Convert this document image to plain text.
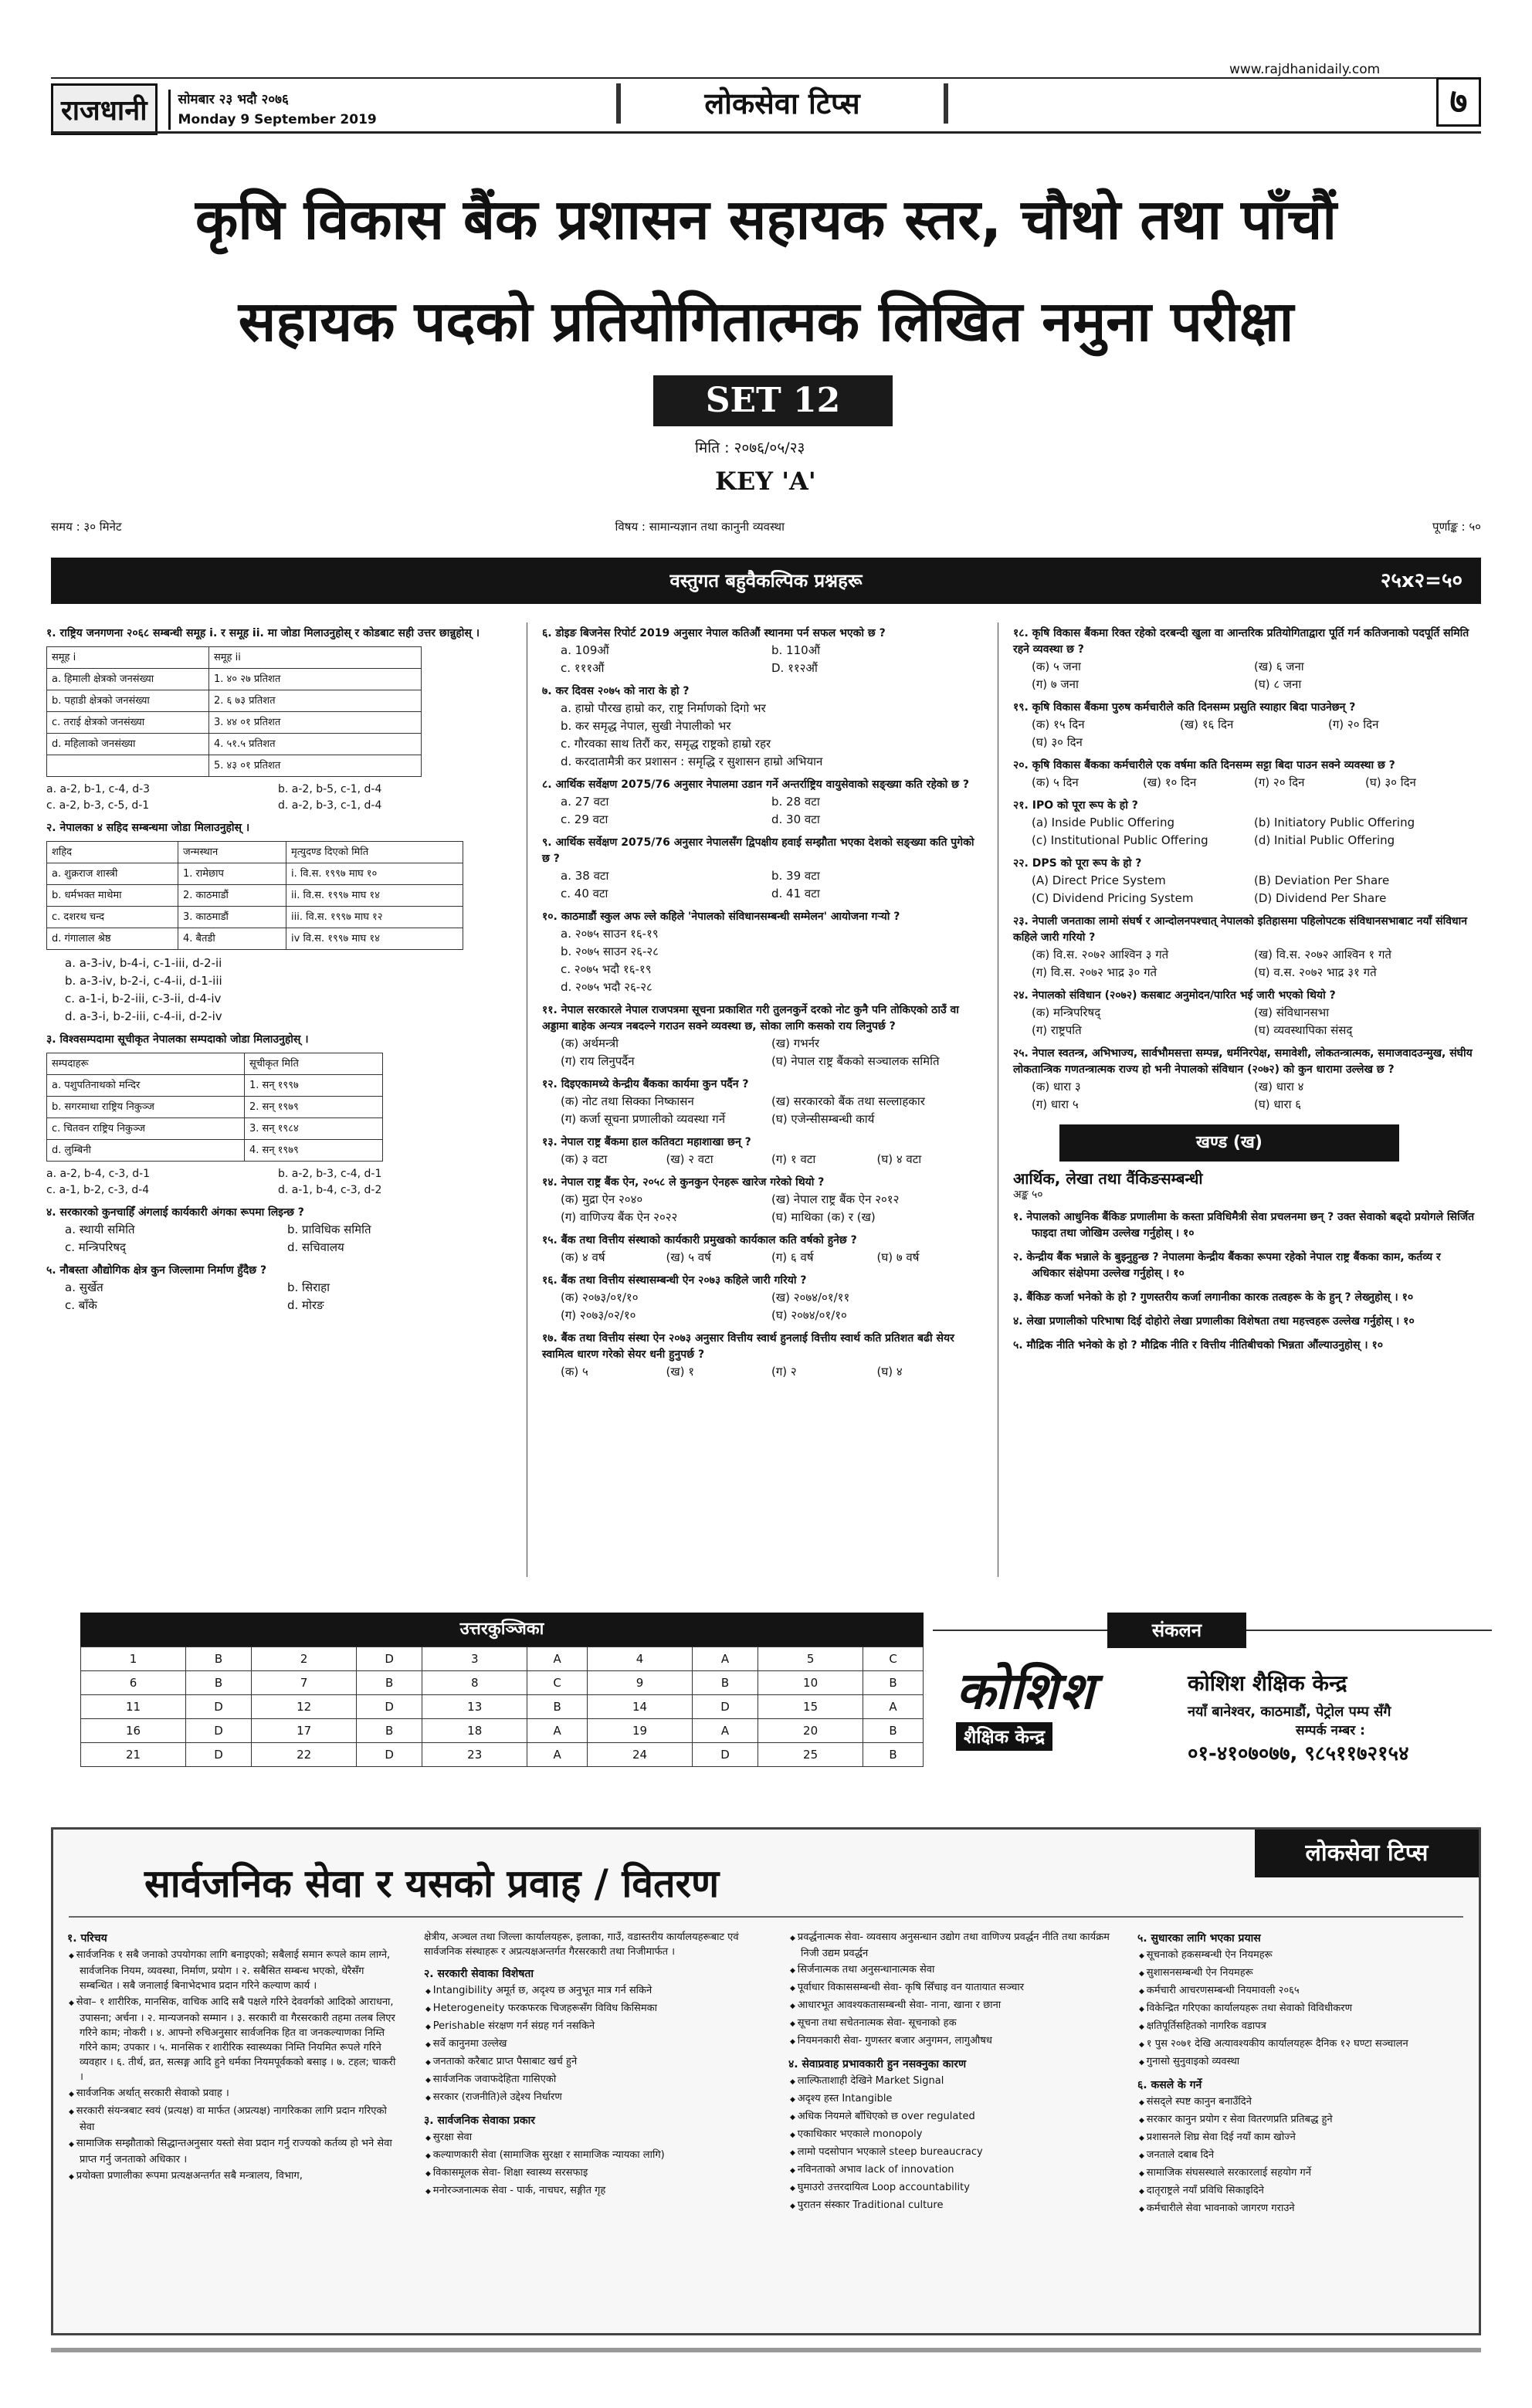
www.rajdhanidaily.com
राजधानी	सोमबार २३ भदौ २०७६
Monday 9 September 2019	लोकसेवा टिप्स	७
कृषि विकास बैंक प्रशासन सहायक स्तर, चौथो तथा पाँचौं
सहायक पदको प्रतियोगितात्मक लिखित नमुना परीक्षा
SET 12
मिति : २०७६/०५/२३
KEY 'A'
समय : ३० मिनेट	विषय : सामान्यज्ञान तथा कानुनी व्यवस्था	पूर्णाङ्क : ५०
वस्तुगत बहुवैकल्पिक प्रश्नहरू	२५x२=५०
१. राष्ट्रिय जनगणना २०६८ सम्बन्धी समूह i. र समूह ii. मा जोडा मिलाउनुहोस् र कोडबाट सही उत्तर छान्नुहोस् ।
समूह i	समूह ii
a. हिमाली क्षेत्रको जनसंख्या	1. ४० २७ प्रतिशत
b. पहाडी क्षेत्रको जनसंख्या	2. ६ ७३ प्रतिशत
c. तराई क्षेत्रको जनसंख्या	3. ४४ ०१ प्रतिशत
d. महिलाको जनसंख्या	4. ५१.५ प्रतिशत
	5. ४३ ०१ प्रतिशत
a. a-2, b-1, c-4, d-3	b. a-2, b-5, c-1, d-4
c. a-2, b-3, c-5, d-1	d. a-2, b-3, c-1, d-4
२. नेपालका ४ सहिद सम्बन्धमा जोडा मिलाउनुहोस् ।
शहिद	जन्मस्थान	मृत्युदण्ड दिएको मिति
a. शुक्रराज शास्त्री	1. रामेछाप	i. वि.स. १९९७ माघ १०
b. धर्मभक्त माथेमा	2. काठमाडौं	ii. वि.स. १९९७ माघ १४
c. दशरथ चन्द	3. काठमाडौं	iii. वि.स. १९९७ माघ १२
d. गंगालाल श्रेष्ठ	4. बैतडी	iv वि.स. १९९७ माघ १४
a. a-3-iv, b-4-i, c-1-iii, d-2-ii
b. a-3-iv, b-2-i, c-4-ii, d-1-iii
c. a-1-i, b-2-iii, c-3-ii, d-4-iv
d. a-3-i, b-2-iii, c-4-ii, d-2-iv
३. विश्वसम्पदामा सूचीकृत नेपालका सम्पदाको जोडा मिलाउनुहोस् ।
सम्पदाहरू	सूचीकृत मिति
a. पशुपतिनाथको मन्दिर	1. सन् १९९७
b. सगरमाथा राष्ट्रिय निकुञ्ज	2. सन् १९७९
c. चितवन राष्ट्रिय निकुञ्ज	3. सन् १९८४
d. लुम्बिनी	4. सन् १९७९
a. a-2, b-4, c-3, d-1	b. a-2, b-3, c-4, d-1
c. a-1, b-2, c-3, d-4	d. a-1, b-4, c-3, d-2
४. सरकारको कुनचाहिँ अंगलाई कार्यकारी अंगका रूपमा लिइन्छ ?
a. स्थायी समिति	b. प्राविधिक समिति
c. मन्त्रिपरिषद्	d. सचिवालय
५. नौबस्ता औद्योगिक क्षेत्र कुन जिल्लामा निर्माण हुँदैछ ?
a. सुर्खेत	b. सिराहा
c. बाँके	d. मोरङ
६. डोइङ बिजनेस रिपोर्ट 2019 अनुसार नेपाल कतिऔं स्थानमा पर्न सफल भएको छ ?
a. 109औं	b. 110औं
c. १११औं	D. ११२औं
७. कर दिवस २०७५ को नारा के हो ?
a. हाम्रो पौरख हाम्रो कर, राष्ट्र निर्माणको दिगो भर
b. कर समृद्ध नेपाल, सुखी नेपालीको भर
c. गौरवका साथ तिरौं कर, समृद्ध राष्ट्रको हाम्रो रहर
d. करदातामैत्री कर प्रशासन : समृद्धि र सुशासन हाम्रो अभियान
८. आर्थिक सर्वेक्षण 2075/76 अनुसार नेपालमा उडान गर्ने अन्तर्राष्ट्रिय वायुसेवाको सङ्ख्या कति रहेको छ ?
a. 27 वटा	b. 28 वटा
c. 29 वटा	d. 30 वटा
९. आर्थिक सर्वेक्षण 2075/76 अनुसार नेपालसँग द्विपक्षीय हवाई सम्झौता भएका देशको सङ्ख्या कति पुगेको छ ?
a. 38 वटा	b. 39 वटा
c. 40 वटा	d. 41 वटा
१०. काठमाडौं स्कुल अफ ल्ले कहिले 'नेपालको संविधानसम्बन्धी सम्मेलन' आयोजना गऱ्यो ?
a. २०७५ साउन १६-१९
b. २०७५ साउन २६-२८
c. २०७५ भदौ १६-१९
d. २०७५ भदौ २६-२८
११. नेपाल सरकारले नेपाल राजपत्रमा सूचना प्रकाशित गरी तुलनकुर्ने दरको नोट कुनै पनि तोकिएको ठाउँ वा अड्डामा बाहेक अन्यत्र नबदल्ने गराउन सक्ने व्यवस्था छ, सोका लागि कसको राय लिनुपर्छ ?
(क) अर्थमन्त्री	(ख) गभर्नर
(ग) राय लिनुपर्दैन	(घ) नेपाल राष्ट्र बैंकको सञ्चालक समिति
१२. दिइएकामध्ये केन्द्रीय बैंकका कार्यमा कुन पर्दैन ?
(क) नोट तथा सिक्का निष्कासन	(ख) सरकारको बैंक तथा सल्लाहकार
(ग) कर्जा सूचना प्रणालीको व्यवस्था गर्ने	(घ) एजेन्सीसम्बन्धी कार्य
१३. नेपाल राष्ट्र बैंकमा हाल कतिवटा महाशाखा छन् ?
(क) ३ वटा	(ख) २ वटा	(ग) १ वटा	(घ) ४ वटा
१४. नेपाल राष्ट्र बैंक ऐन, २०५८ ले कुनकुन ऐनहरू खारेज गरेको थियो ?
(क) मुद्रा ऐन २०४०	(ख) नेपाल राष्ट्र बैंक ऐन २०१२
(ग) वाणिज्य बैंक ऐन २०२२	(घ) माथिका (क) र (ख)
१५. बैंक तथा वित्तीय संस्थाको कार्यकारी प्रमुखको कार्यकाल कति वर्षको हुनेछ ?
(क) ४ वर्ष	(ख) ५ वर्ष	(ग) ६ वर्ष	(घ) ७ वर्ष
१६. बैंक तथा वित्तीय संस्थासम्बन्धी ऐन २०७३ कहिले जारी गरियो ?
(क) २०७३/०१/१०	(ख) २०७४/०१/११
(ग) २०७३/०२/१०	(घ) २०७४/०१/१०
१७. बैंक तथा वित्तीय संस्था ऐन २०७३ अनुसार वित्तीय स्वार्थ हुनलाई वित्तीय स्वार्थ कति प्रतिशत बढी सेयर स्वामित्व धारण गरेको सेयर धनी हुनुपर्छ ?
(क) ५	(ख) १	(ग) २	(घ) ४
१८. कृषि विकास बैंकमा रिक्त रहेको दरबन्दी खुला वा आन्तरिक प्रतियोगिताद्वारा पूर्ति गर्न कतिजनाको पदपूर्ति समिति रहने व्यवस्था छ ?
(क) ५ जना	(ख) ६ जना
(ग) ७ जना	(घ) ८ जना
१९. कृषि विकास बैंकमा पुरुष कर्मचारीले कति दिनसम्म प्रसुति स्याहार बिदा पाउनेछन् ?
(क) १५ दिन	(ख) १६ दिन	(ग) २० दिन
(घ) ३० दिन
२०. कृषि विकास बैंकका कर्मचारीले एक वर्षमा कति दिनसम्म सट्टा बिदा पाउन सक्ने व्यवस्था छ ?
(क) ५ दिन	(ख) १० दिन	(ग) २० दिन	(घ) ३० दिन
२१. IPO को पूरा रूप के हो ?
(a) Inside Public Offering	(b) Initiatory Public Offering
(c) Institutional Public Offering	(d) Initial Public Offering
२२. DPS को पूरा रूप के हो ?
(A) Direct Price System	(B) Deviation Per Share
(C) Dividend Pricing System	(D) Dividend Per Share
२३. नेपाली जनताका लामो संघर्ष र आन्दोलनपश्चात् नेपालको इतिहासमा पहिलोपटक संविधानसभाबाट नयाँ संविधान कहिले जारी गरियो ?
(क) वि.स. २०७२ आश्विन ३ गते	(ख) वि.स. २०७२ आश्विन १ गते
(ग) वि.स. २०७२ भाद्र ३० गते	(घ) व.स. २०७२ भाद्र ३१ गते
२४. नेपालको संविधान (२०७२) कसबाट अनुमोदन/पारित भई जारी भएको थियो ?
(क) मन्त्रिपरिषद्	(ख) संविधानसभा
(ग) राष्ट्रपति	(घ) व्यवस्थापिका संसद्
२५. नेपाल स्वतन्त्र, अभिभाज्य, सार्वभौमसत्ता सम्पन्न, धर्मनिरपेक्ष, समावेशी, लोकतन्त्रात्मक, समाजवादउन्मुख, संघीय लोकतान्त्रिक गणतन्त्रात्मक राज्य हो भनी नेपालको संविधान (२०७२) को कुन धारामा उल्लेख छ ?
(क) धारा ३	(ख) धारा ४
(ग) धारा ५	(घ) धारा ६
खण्ड (ख)
आर्थिक, लेखा तथा वैंकिङसम्बन्धी
अङ्क ५०
१. नेपालको आधुनिक बैंकिङ प्रणालीमा के कस्ता प्रविधिमैत्री सेवा प्रचलनमा छन् ? उक्त सेवाको बढ्दो प्रयोगले सिर्जित फाइदा तथा जोखिम उल्लेख गर्नुहोस् । १०
२. केन्द्रीय बैंक भन्नाले के बुझ्नुहुन्छ ? नेपालमा केन्द्रीय बैंकका रूपमा रहेको नेपाल राष्ट्र बैंकका काम, कर्तव्य र अधिकार संक्षेपमा उल्लेख गर्नुहोस् । १०
३. बैंकिङ कर्जा भनेको के हो ? गुणस्तरीय कर्जा लगानीका कारक तत्वहरू के के हुन् ? लेख्नुहोस् । १०
४. लेखा प्रणालीको परिभाषा दिई दोहोरो लेखा प्रणालीका विशेषता तथा महत्त्वहरू उल्लेख गर्नुहोस् । १०
५. मौद्रिक नीति भनेको के हो ? मौद्रिक नीति र वित्तीय नीतिबीचको भिन्नता औंल्याउनुहोस् । १०
उत्तरकुञ्जिका
1	B	2	D	3	A	4	A	5	C
6	B	7	B	8	C	9	B	10	B
11	D	12	D	13	B	14	D	15	A
16	D	17	B	18	A	19	A	20	B
21	D	22	D	23	A	24	D	25	B
संकलन
कोशिश
शैक्षिक केन्द्र
कोशिश शैक्षिक केन्द्र
नयाँ बानेश्वर, काठमाडौं, पेट्रोल पम्प सँगै
सम्पर्क नम्बर :
०१-४१०७०७७, ९८५११७२१५४
सार्वजनिक सेवा र यसको प्रवाह / वितरण
लोकसेवा टिप्स
१. परिचय
◆ सार्वजनिक १ सबै जनाको उपयोगका लागि बनाइएको; सबैलाई समान रूपले काम लाग्ने, सार्वजनिक नियम, व्यवस्था, निर्माण, प्रयोग । २. सबैसित सम्बन्ध भएको, धेरैसँग सम्बन्धित । सबै जनालाई बिनाभेदभाव प्रदान गरिने कल्याण कार्य ।
◆ सेवा– १ शारीरिक, मानसिक, वाचिक आदि सबै पक्षले गरिने देववर्गको आदिको आराधना, उपासना; अर्चना । २. मान्यजनको सम्मान । ३. सरकारी वा गैरसरकारी तहमा तलब लिएर गरिने काम; नोकरी । ४. आफ्नो रुचिअनुसार सार्वजनिक हित वा जनकल्याणका निम्ति गरिने काम; उपकार । ५. मानसिक र शारीरिक स्वास्थ्यका निम्ति नियमित रूपले गरिने व्यवहार । ६. तीर्थ, व्रत, सत्सङ्ग आदि हुने धर्मका नियमपूर्वकको बसाइ । ७. टहल; चाकरी ।
◆ सार्वजनिक अर्थात् सरकारी सेवाको प्रवाह ।
◆ सरकारी संयन्त्रबाट स्वयं (प्रत्यक्ष) वा मार्फत (अप्रत्यक्ष) नागरिकका लागि प्रदान गरिएको सेवा
◆ सामाजिक सम्झौताको सिद्धान्तअनुसार यस्तो सेवा प्रदान गर्नु राज्यको कर्तव्य हो भने सेवा प्राप्त गर्नु जनताको अधिकार ।
◆ प्रयोक्ता प्रणालीका रूपमा प्रत्यक्षअन्तर्गत सबै मन्त्रालय, विभाग,
क्षेत्रीय, अञ्चल तथा जिल्ला कार्यालयहरू, इलाका, गाउँ, वडास्तरीय कार्यालयहरूबाट एवं सार्वजनिक संस्थाहरू र अप्रत्यक्षअन्तर्गत गैरसरकारी तथा निजीमार्फत ।
२. सरकारी सेवाका विशेषता
◆ Intangibility अमूर्त छ, अदृश्य छ अनुभूत मात्र गर्न सकिने
◆ Heterogeneity फरकफरक चिजहरूसँग विविध किसिमका
◆ Perishable संरक्षण गर्न संग्रह गर्न नसकिने
◆ सर्वे कानुनमा उल्लेख
◆ जनताको करैबाट प्राप्त पैसाबाट खर्च हुने
◆ सार्वजनिक जवाफदेहिता गासिएको
◆ सरकार (राजनीति)ले उद्देश्य निर्धारण
३. सार्वजनिक सेवाका प्रकार
◆ सुरक्षा सेवा
◆ कल्याणकारी सेवा (सामाजिक सुरक्षा र सामाजिक न्यायका लागि)
◆ विकासमूलक सेवा- शिक्षा स्वास्थ्य सरसफाइ
◆ मनोरञ्जनात्मक सेवा - पार्क, नाचघर, सङ्गीत गृह
◆ प्रवर्द्धनात्मक सेवा- व्यवसाय अनुसन्धान उद्योग तथा वाणिज्य प्रवर्द्धन नीति तथा कार्यक्रम निजी उद्यम प्रवर्द्धन
◆ सिर्जनात्मक तथा अनुसन्धानात्मक सेवा
◆ पूर्वाधार विकाससम्बन्धी सेवा- कृषि सिँचाइ वन यातायात सञ्चार
◆ आधारभूत आवश्यकतासम्बन्धी सेवा- नाना, खाना र छाना
◆ सूचना तथा सचेतनात्मक सेवा- सूचनाको हक
◆ नियमनकारी सेवा- गुणस्तर बजार अनुगमन, लागुऔषध
४. सेवाप्रवाह प्रभावकारी हुन नसक्नुका कारण
◆ लाल्फिताशाही देखिने Market Signal
◆ अदृश्य हस्त Intangible
◆ अधिक नियमले बाँधिएको छ over regulated
◆ एकाधिकार भएकाले monopoly
◆ लामो पदसोपान भएकाले steep bureaucracy
◆ नविनताको अभाव lack of innovation
◆ घुमाउरो उत्तरदायित्व Loop accountability
◆ पुरातन संस्कार Traditional culture
५. सुधारका लागि भएका प्रयास
◆ सूचनाको हकसम्बन्धी ऐन नियमहरू
◆ सुशासनसम्बन्धी ऐन नियमहरू
◆ कर्मचारी आचरणसम्बन्धी नियमावली २०६५
◆ विकेन्द्रित गरिएका कार्यालयहरू तथा सेवाको विविधीकरण
◆ क्षतिपूर्तिसहितको नागरिक वडापत्र
◆ १ पुस २०७१ देखि अत्यावश्यकीय कार्यालयहरू दैनिक १२ घण्टा सञ्चालन
◆ गुनासो सुनुवाइको व्यवस्था
६. कसले के गर्ने
◆ संसद्ले स्पष्ट कानुन बनाउँदिने
◆ सरकार कानुन प्रयोग र सेवा वितरणप्रति प्रतिबद्ध हुने
◆ प्रशासनले शिघ्र सेवा दिई नयाँ काम खोज्ने
◆ जनताले दबाब दिने
◆ सामाजिक संघसस्थाले सरकारलाई सहयोग गर्ने
◆ दातृराष्ट्रले नयाँ प्रविधि सिकाइदिने
◆ कर्मचारीले सेवा भावनाको जागरण गराउने
